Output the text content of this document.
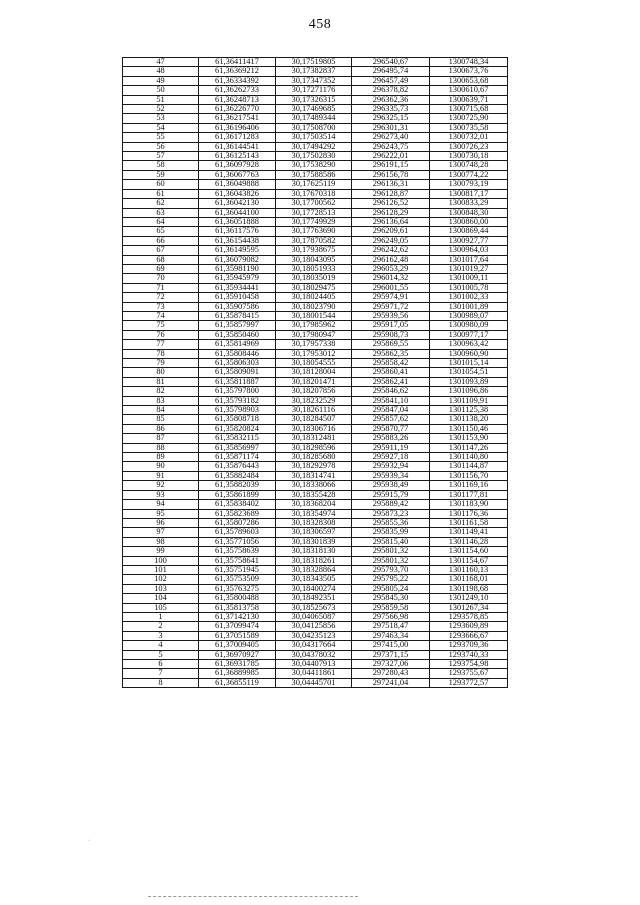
458
47	61,36411417	30,17519805	296540,67	1300748,34
48	61,36369212	30,17382837	296495,74	1300673,76
49	61,36334392	30,17347352	296457,49	1300653,68
50	61,36262733	30,17271176	296378,82	1300610,67
51	61,36248713	30,17326315	296362,36	1300639,71
52	61,36226770	30,17469685	296335,73	1300715,68
53	61,36217541	30,17489344	296325,15	1300725,90
54	61,36196406	30,17508700	296301,31	1300735,58
55	61,36171283	30,17503514	296273,40	1300732,01
56	61,36144541	30,17494292	296243,75	1300726,23
57	61,36125143	30,17502830	296222,01	1300730,18
58	61,36097928	30,17538290	296191,15	1300748,28
59	61,36067763	30,17588586	296156,78	1300774,22
60	61,36049888	30,17625119	296136,31	1300793,19
61	61,36043826	30,17670318	296128,87	1300817,17
62	61,36042130	30,17700562	296126,52	1300833,29
63	61,36044100	30,17728513	296128,29	1300848,30
64	61,36051888	30,17749929	296136,64	1300860,00
65	61,36117576	30,17763690	296209,61	1300869,44
66	61,36154438	30,17870582	296249,05	1300927,77
67	61,36149595	30,17938675	296242,62	1300964,03
68	61,36079082	30,18043095	296162,48	1301017,64
69	61,35981190	30,18051933	296053,29	1301019,27
70	61,35945979	30,18035019	296014,32	1301009,11
71	61,35934441	30,18029475	296001,55	1301005,78
72	61,35910458	30,18024405	295974,91	1301002,33
73	61,35907586	30,18023790	295971,72	1301001,89
74	61,35878415	30,18001544	295939,56	1300989,07
75	61,35857997	30,17985962	295917,05	1300980,09
76	61,35850460	30,17980947	295908,73	1300977,17
77	61,35814969	30,17957338	295869,55	1300963,42
78	61,35808446	30,17953012	295862,35	1300960,90
79	61,35806303	30,18054555	295858,42	1301015,14
80	61,35809091	30,18128004	295860,41	1301054,51
81	61,35811887	30,18201471	295862,41	1301093,89
82	61,35797800	30,18207856	295846,62	1301096,86
83	61,35793182	30,18232529	295841,10	1301109,91
84	61,35798903	30,18261116	295847,04	1301125,38
85	61,35808718	30,18284507	295857,62	1301138,20
86	61,35820824	30,18306716	295870,77	1301150,46
87	61,35832115	30,18312481	295883,26	1301153,90
88	61,35856997	30,18298596	295911,19	1301147,26
89	61,35871174	30,18285680	295927,18	1301140,80
90	61,35876443	30,18292978	295932,94	1301144,87
91	61,35882484	30,18314741	295939,34	1301156,70
92	61,35882039	30,18338066	295938,49	1301169,16
93	61,35861899	30,18355428	295915,79	1301177,81
94	61,35838402	30,18368204	295889,42	1301183,90
95	61,35823689	30,18354974	295873,23	1301176,36
96	61,35807286	30,18328308	295855,36	1301161,58
97	61,35789603	30,18306597	295835,99	1301149,41
98	61,35771056	30,18301839	295815,40	1301146,28
99	61,35758639	30,18318130	295801,32	1301154,60
100	61,35758641	30,18318261	295801,32	1301154,67
101	61,35751945	30,18328864	295793,70	1301160,13
102	61,35753509	30,18343505	295795,22	1301168,01
103	61,35763275	30,18400274	295805,24	1301198,68
104	61,35800488	30,18492351	295845,30	1301249,10
105	61,35813758	30,18525673	295859,58	1301267,34
1	61,37142130	30,04065087	297566,98	1293578,85
2	61,37099474	30,04125856	297518,47	1293609,89
3	61,37051589	30,04235123	297463,34	1293666,67
4	61,37009405	30,04317664	297415,00	1293709,36
5	61,36970927	30,04378032	297371,15	1293740,33
6	61,36931785	30,04407913	297327,06	1293754,98
7	61,36889985	30,04411861	297280,43	1293755,67
8	61,36855119	30,04445701	297241,04	1293772,57
·
